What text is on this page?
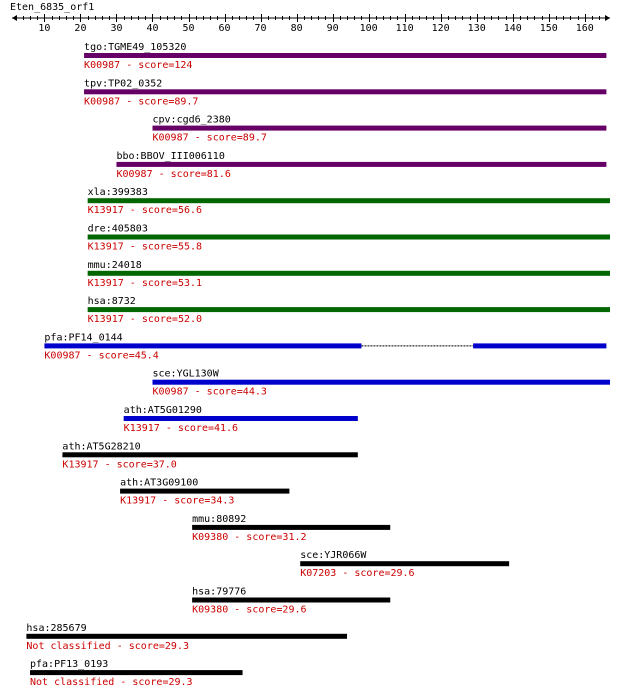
Eten_6835_orf1
10 20 30 40 50 60 70 80 90 100 110 120 130 140 150 160
tgo:TGME49_105320
K00987 - score=124
tpv:TP02_0352
K00987 - score=89.7
cpv:cgd6_2380
K00987 - score=89.7
bbo:BBOV_III006110
K00987 - score=81.6
xla:399383
K13917 - score=56.6
dre:405803
K13917 - score=55.8
mmu:24018
K13917 - score=53.1
hsa:8732
K13917 - score=52.0
pfa:PF14_0144
K00987 - score=45.4
sce:YGL130W
K00987 - score=44.3
ath:AT5G01290
K13917 - score=41.6
ath:AT5G28210
K13917 - score=37.0
ath:AT3G09100
K13917 - score=34.3
mmu:80892
K09380 - score=31.2
sce:YJR066W
K07203 - score=29.6
hsa:79776
K09380 - score=29.6
hsa:285679
Not classified - score=29.3
pfa:PF13_0193
Not classified - score=29.3
